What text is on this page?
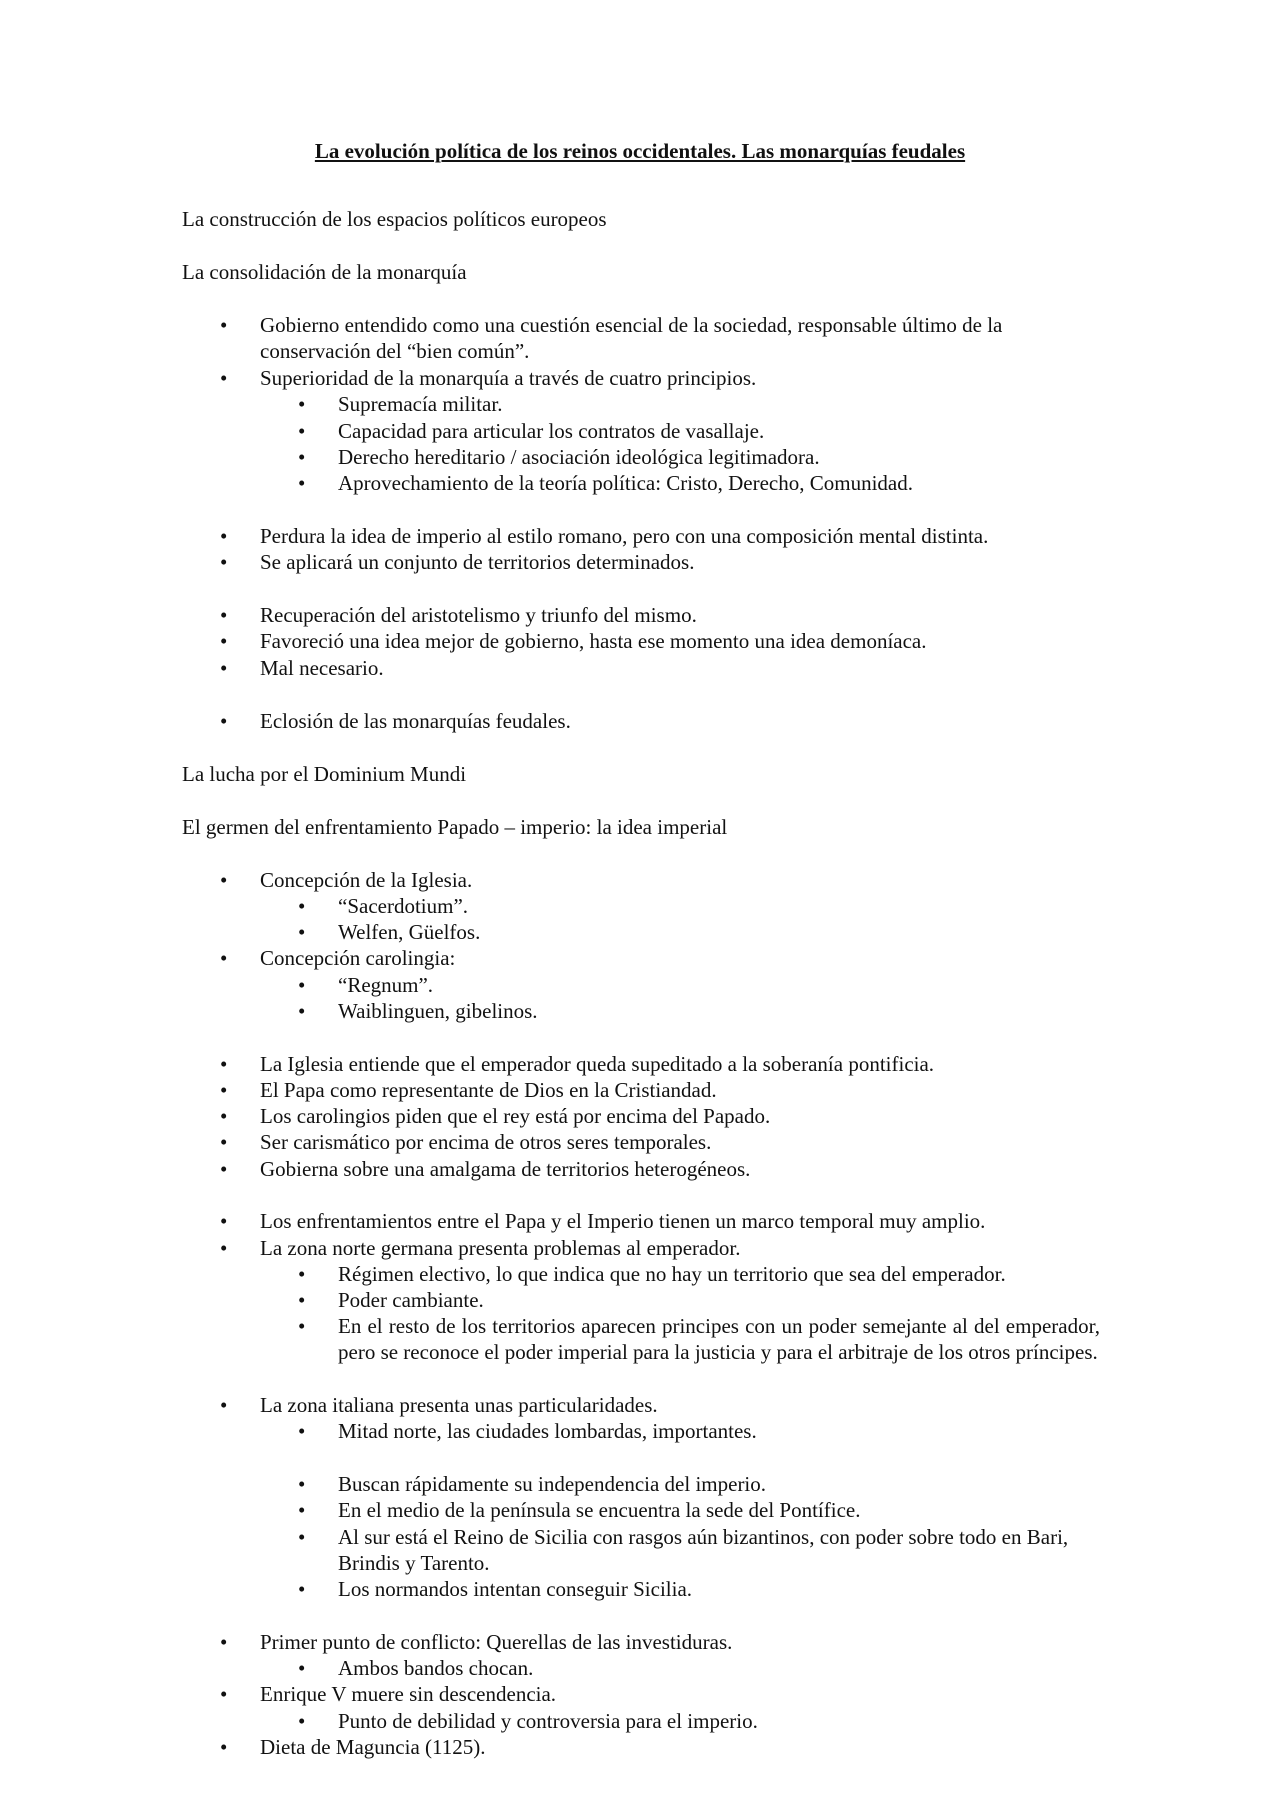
La evolución política de los reinos occidentales. Las monarquías feudales
La construcción de los espacios políticos europeos
La consolidación de la monarquía
• Gobierno entendido como una cuestión esencial de la sociedad, responsable último de la conservación del “bien común”.
• Superioridad de la monarquía a través de cuatro principios.
• Supremacía militar.
• Capacidad para articular los contratos de vasallaje.
• Derecho hereditario / asociación ideológica legitimadora.
• Aprovechamiento de la teoría política: Cristo, Derecho, Comunidad.
• Perdura la idea de imperio al estilo romano, pero con una composición mental distinta.
• Se aplicará un conjunto de territorios determinados.
• Recuperación del aristotelismo y triunfo del mismo.
• Favoreció una idea mejor de gobierno, hasta ese momento una idea demoníaca.
• Mal necesario.
• Eclosión de las monarquías feudales.
La lucha por el Dominium Mundi
El germen del enfrentamiento Papado – imperio: la idea imperial
• Concepción de la Iglesia.
• “Sacerdotium”.
• Welfen, Güelfos.
• Concepción carolingia:
• “Regnum”.
• Waiblinguen, gibelinos.
• La Iglesia entiende que el emperador queda supeditado a la soberanía pontificia.
• El Papa como representante de Dios en la Cristiandad.
• Los carolingios piden que el rey está por encima del Papado.
• Ser carismático por encima de otros seres temporales.
• Gobierna sobre una amalgama de territorios heterogéneos.
• Los enfrentamientos entre el Papa y el Imperio tienen un marco temporal muy amplio.
• La zona norte germana presenta problemas al emperador.
• Régimen electivo, lo que indica que no hay un territorio que sea del emperador.
• Poder cambiante.
• En el resto de los territorios aparecen principes con un poder semejante al del emperador, pero se reconoce el poder imperial para la justicia y para el arbitraje de los otros príncipes.
• La zona italiana presenta unas particularidades.
• Mitad norte, las ciudades lombardas, importantes.
• Buscan rápidamente su independencia del imperio.
• En el medio de la península se encuentra la sede del Pontífice.
• Al sur está el Reino de Sicilia con rasgos aún bizantinos, con poder sobre todo en Bari, Brindis y Tarento.
• Los normandos intentan conseguir Sicilia.
• Primer punto de conflicto: Querellas de las investiduras.
• Ambos bandos chocan.
• Enrique V muere sin descendencia.
• Punto de debilidad y controversia para el imperio.
• Dieta de Maguncia (1125).
